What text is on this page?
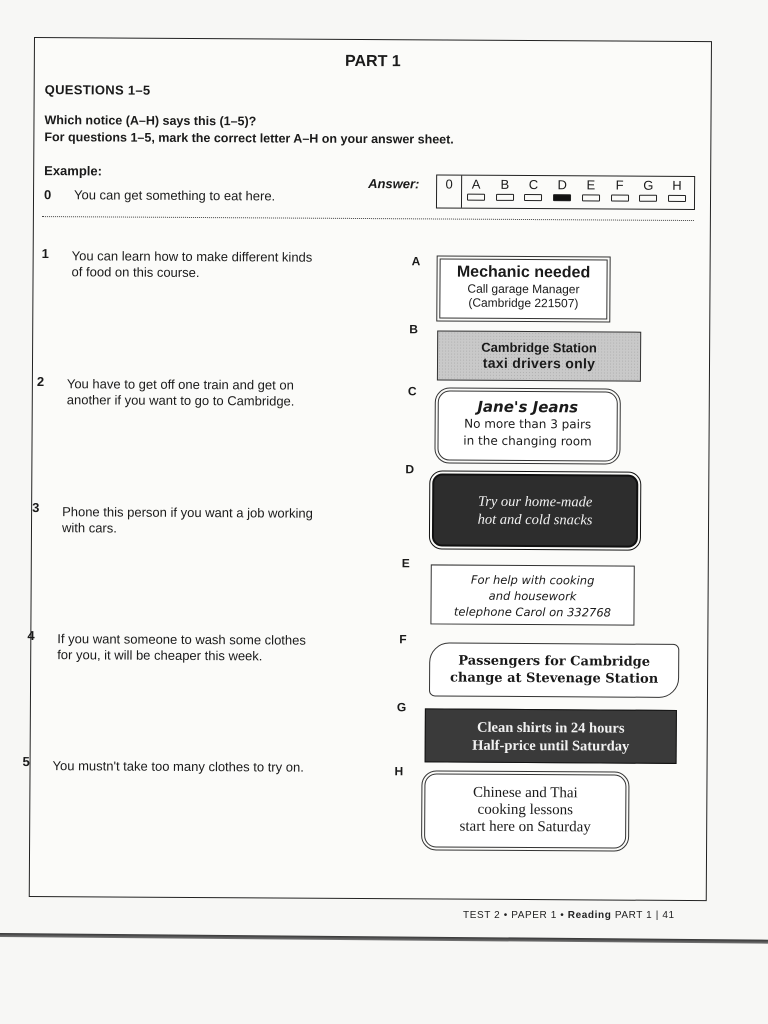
PART 1
QUESTIONS 1–5
Which notice (A–H) says this (1–5)?
For questions 1–5, mark the correct letter A–H on your answer sheet.
Example:
0 You can get something to eat here.
Answer:	0	A	B	C	D	E	F	G	H
1 You can learn how to make different kinds of food on this course.
2 You have to get off one train and get on another if you want to go to Cambridge.
3 Phone this person if you want a job working with cars.
4 If you want someone to wash some clothes for you, it will be cheaper this week.
5 You mustn't take too many clothes to try on.
A
B
C
D
E
F
G
H
Mechanic needed
Call garage Manager
(Cambridge 221507)
Cambridge Station
taxi drivers only
Jane's Jeans
No more than 3 pairs
in the changing room
Try our home-made
hot and cold snacks
For help with cooking
and housework
telephone Carol on 332768
Passengers for Cambridge
change at Stevenage Station
Clean shirts in 24 hours
Half-price until Saturday
Chinese and Thai
cooking lessons
start here on Saturday
TEST 2 • PAPER 1 • Reading PART 1 | 41
